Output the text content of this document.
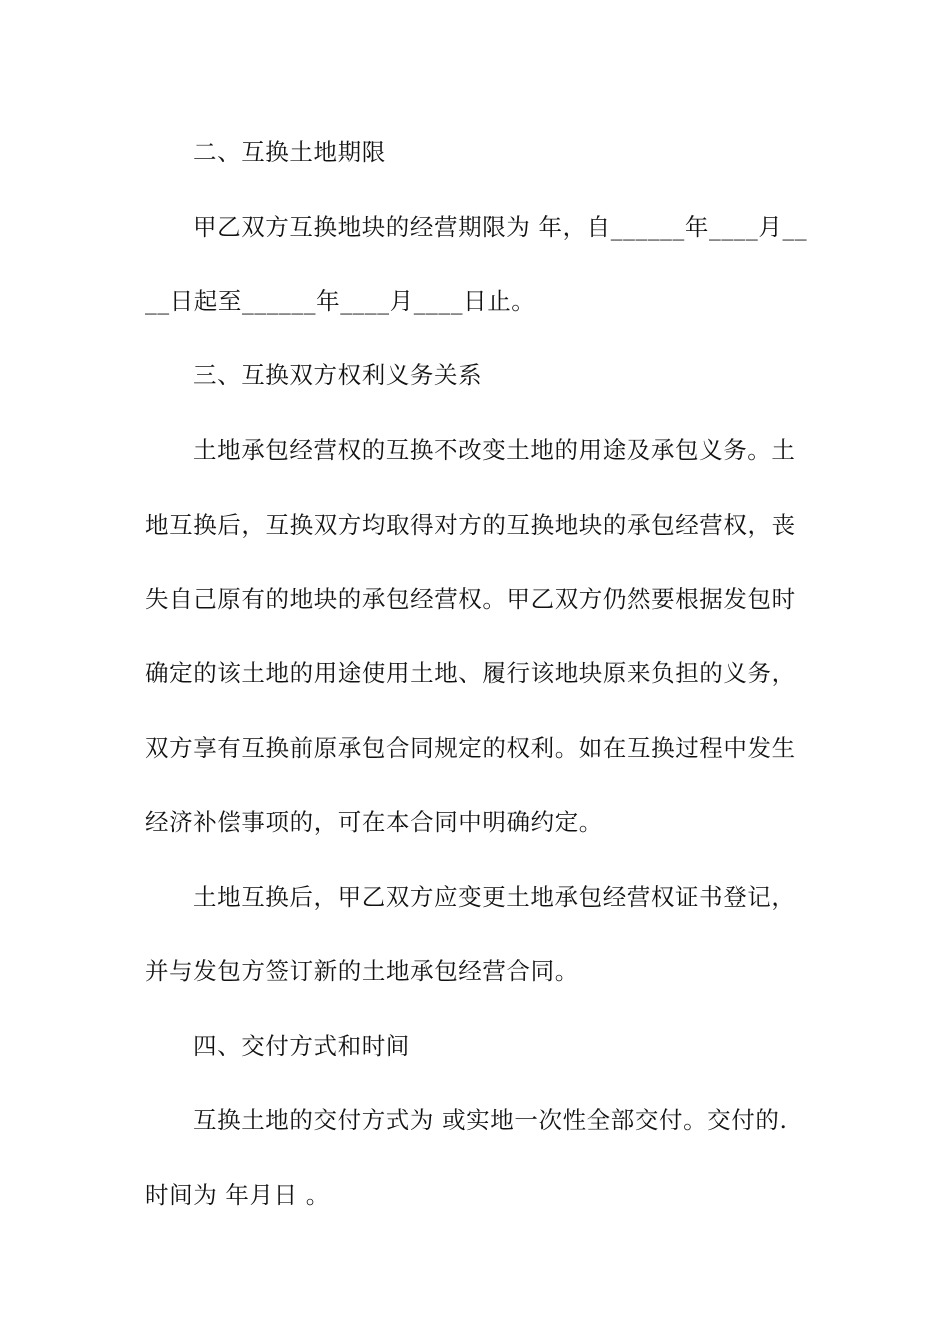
二、互换土地期限
甲乙双方互换地块的经营期限为 年，自______年____月__
__日起至______年____月____日止。
三、互换双方权利义务关系
土地承包经营权的互换不改变土地的用途及承包义务。土
地互换后，互换双方均取得对方的互换地块的承包经营权，丧
失自己原有的地块的承包经营权。甲乙双方仍然要根据发包时
确定的该土地的用途使用土地、履行该地块原来负担的义务，
双方享有互换前原承包合同规定的权利。如在互换过程中发生
经济补偿事项的，可在本合同中明确约定。
土地互换后，甲乙双方应变更土地承包经营权证书登记，
并与发包方签订新的土地承包经营合同。
四、交付方式和时间
互换土地的交付方式为 或实地一次性全部交付。交付的.
时间为 年月日 。
